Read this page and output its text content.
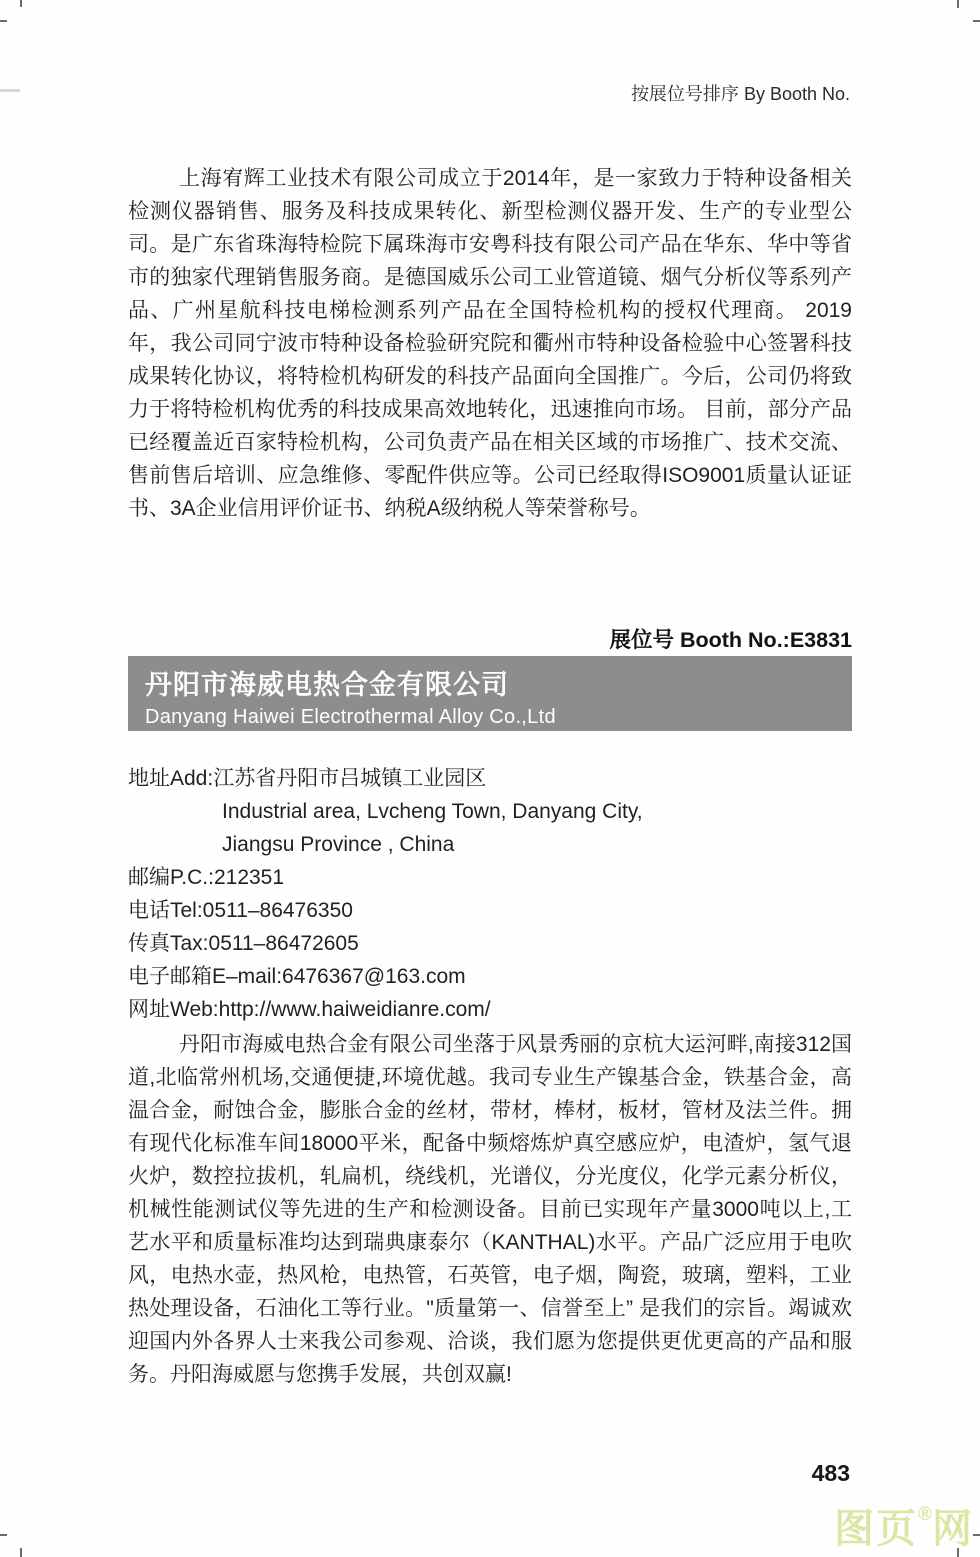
按展位号排序 By Booth No.
上海宥辉工业技术有限公司成立于2014年，是一家致力于特种设备相关检测仪器销售、服务及科技成果转化、新型检测仪器开发、生产的专业型公司。是广东省珠海特检院下属珠海市安粤科技有限公司产品在华东、华中等省市的独家代理销售服务商。是德国威乐公司工业管道镜、烟气分析仪等系列产品、广州星航科技电梯检测系列产品在全国特检机构的授权代理商。 2019年，我公司同宁波市特种设备检验研究院和衢州市特种设备检验中心签署科技成果转化协议，将特检机构研发的科技产品面向全国推广。今后，公司仍将致力于将特检机构优秀的科技成果高效地转化，迅速推向市场。 目前，部分产品已经覆盖近百家特检机构，公司负责产品在相关区域的市场推广、技术交流、售前售后培训、应急维修、零配件供应等。公司已经取得ISO9001质量认证证书、3A企业信用评价证书、纳税A级纳税人等荣誉称号。
展位号 Booth No.:E3831
丹阳市海威电热合金有限公司
Danyang Haiwei Electrothermal Alloy Co.,Ltd
地址Add:江苏省丹阳市吕城镇工业园区
Industrial area, Lvcheng Town, Danyang City,
Jiangsu Province , China
邮编P.C.:212351
电话Tel:0511–86476350
传真Tax:0511–86472605
电子邮箱E–mail:6476367@163.com
网址Web:http://www.haiweidianre.com/
丹阳市海威电热合金有限公司坐落于风景秀丽的京杭大运河畔,南接312国道,北临常州机场,交通便捷,环境优越。我司专业生产镍基合金，铁基合金，高温合金，耐蚀合金，膨胀合金的丝材，带材，棒材，板材，管材及法兰件。拥有现代化标准车间18000平米，配备中频熔炼炉真空感应炉，电渣炉，氢气退火炉，数控拉拔机，轧扁机，绕线机，光谱仪，分光度仪，化学元素分析仪，机械性能测试仪等先进的生产和检测设备。目前已实现年产量3000吨以上,工艺水平和质量标准均达到瑞典康泰尔（KANTHAL)水平。产品广泛应用于电吹风，电热水壶，热风枪，电热管，石英管，电子烟，陶瓷，玻璃，塑料，工业热处理设备，石油化工等行业。"质量第一、信誉至上” 是我们的宗旨。竭诚欢迎国内外各界人士来我公司参观、洽谈，我们愿为您提供更优更高的产品和服务。丹阳海威愿与您携手发展，共创双赢!
483
图页®网
